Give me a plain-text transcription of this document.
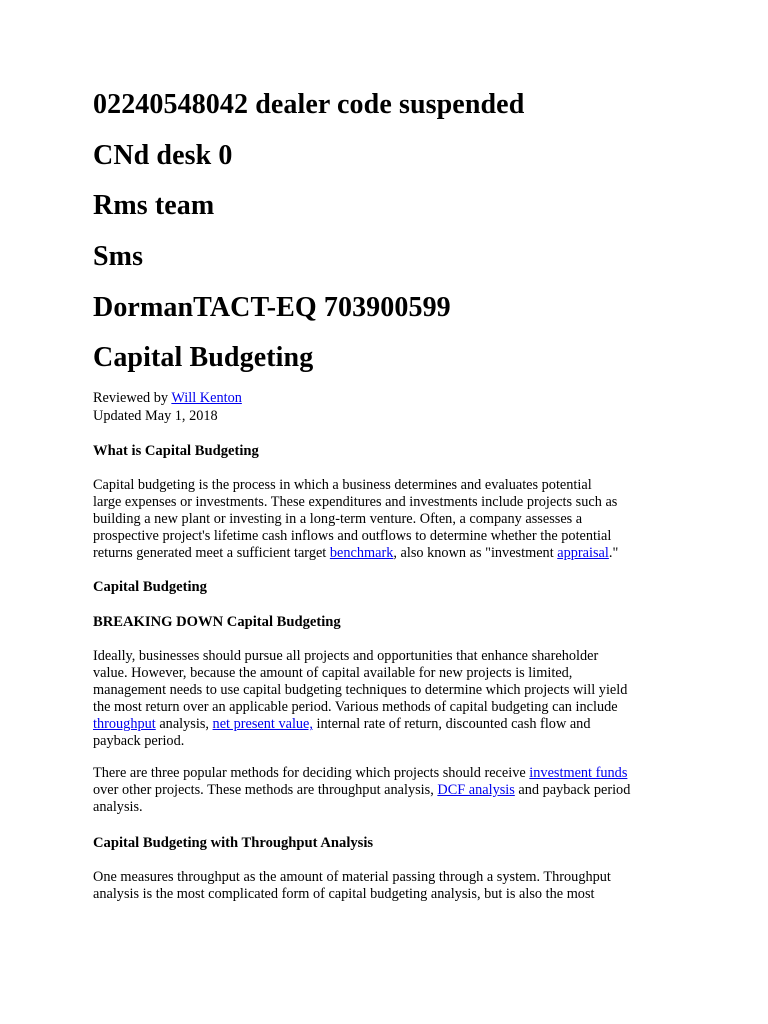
02240548042 dealer code suspended
CNd desk 0
Rms team
Sms
DormanTACT-EQ 703900599
Capital Budgeting
Reviewed by Will Kenton
Updated May 1, 2018
What is Capital Budgeting

Capital budgeting is the process in which a business determines and evaluates potential
large expenses or investments. These expenditures and investments include projects such as
building a new plant or investing in a long-term venture. Often, a company assesses a
prospective project's lifetime cash inflows and outflows to determine whether the potential
returns generated meet a sufficient target benchmark, also known as "investment appraisal."

Capital Budgeting
BREAKING DOWN Capital Budgeting

Ideally, businesses should pursue all projects and opportunities that enhance shareholder
value. However, because the amount of capital available for new projects is limited,
management needs to use capital budgeting techniques to determine which projects will yield
the most return over an applicable period. Various methods of capital budgeting can include
throughput analysis, net present value, internal rate of return, discounted cash flow and
payback period.

There are three popular methods for deciding which projects should receive investment funds
over other projects. These methods are throughput analysis, DCF analysis and payback period
analysis.

Capital Budgeting with Throughput Analysis

One measures throughput as the amount of material passing through a system. Throughput
analysis is the most complicated form of capital budgeting analysis, but is also the most
